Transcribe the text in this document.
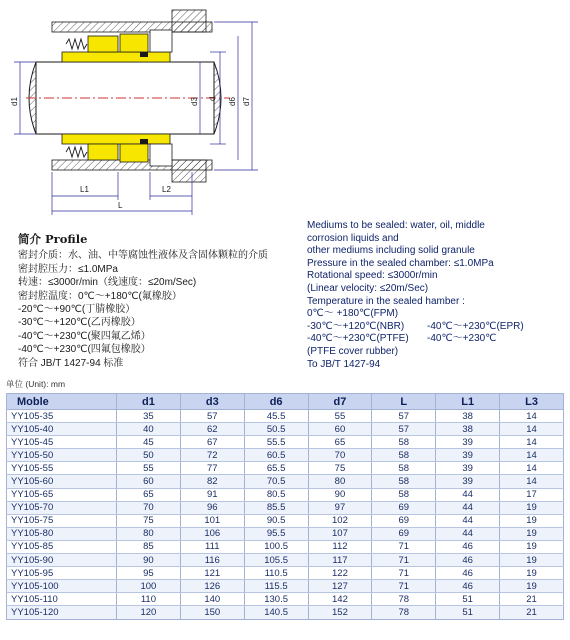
d1	d
d3	d6 d7
L1	L2
L
简介 Profile
密封介质：水、油、中等腐蚀性液体及含固体颗粒的介质
密封腔压力：≤1.0MPa
转速：≤3000r/min（线速度：≤20m/Sec)
密封腔温度：0℃～+180℃(氟橡胶）
-20℃～+90℃(丁腈橡胶）
-30℃～+120℃(乙丙橡胶）
-40℃～+230℃(聚四氟乙烯）
-40℃～+230℃(四氟包橡胶）
符合 JB/T 1427-94 标准
Mediums to be sealed: water, oil, middle
corrosion liquids and
other mediums including solid granule
Pressure in the sealed chamber: ≤1.0MPa
Rotational speed: ≤3000r/min
(Linear velocity: ≤20m/Sec)
Temperature in the sealed hamber :
0℃～ +180℃(FPM)
-30℃～+120℃(NBR)	-40℃～+230℃(EPR)
-40℃～+230℃(PTFE)	-40℃～+230℃
(PTFE cover rubber)
To JB/T 1427-94
单位 (Unit): mm
Moble	d1	d3	d6	d7	L	L1	L3
YY105-35	35	57	45.5	55	57	38	14
YY105-40	40	62	50.5	60	57	38	14
YY105-45	45	67	55.5	65	58	39	14
YY105-50	50	72	60.5	70	58	39	14
YY105-55	55	77	65.5	75	58	39	14
YY105-60	60	82	70.5	80	58	39	14
YY105-65	65	91	80.5	90	58	44	17
YY105-70	70	96	85.5	97	69	44	19
YY105-75	75	101	90.5	102	69	44	19
YY105-80	80	106	95.5	107	69	44	19
YY105-85	85	111	100.5	112	71	46	19
YY105-90	90	116	105.5	117	71	46	19
YY105-95	95	121	110.5	122	71	46	19
YY105-100	100	126	115.5	127	71	46	19
YY105-110	110	140	130.5	142	78	51	21
YY105-120	120	150	140.5	152	78	51	21
